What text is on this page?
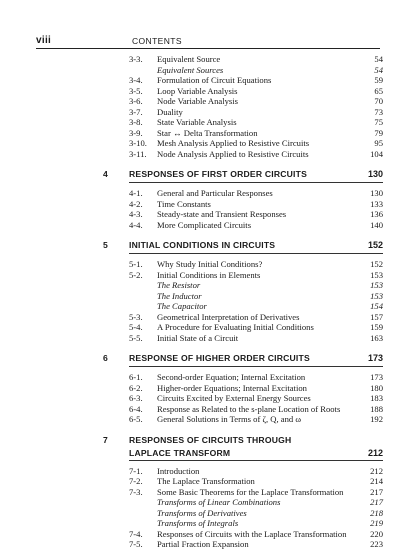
viii	CONTENTS
3-3. Equivalent Source	54
Equivalent Sources	54
3-4. Formulation of Circuit Equations	59
3-5. Loop Variable Analysis	65
3-6. Node Variable Analysis	70
3-7. Duality	73
3-8. State Variable Analysis	75
3-9. Star ↔ Delta Transformation	79
3-10. Mesh Analysis Applied to Resistive Circuits	95
3-11. Node Analysis Applied to Resistive Circuits	104
4 RESPONSES OF FIRST ORDER CIRCUITS	130
4-1. General and Particular Responses	130
4-2. Time Constants	133
4-3. Steady-state and Transient Responses	136
4-4. More Complicated Circuits	140
5 INITIAL CONDITIONS IN CIRCUITS	152
5-1. Why Study Initial Conditions?	152
5-2. Initial Conditions in Elements	153
The Resistor	153
The Inductor	153
The Capacitor	154
5-3. Geometrical Interpretation of Derivatives	157
5-4. A Procedure for Evaluating Initial Conditions	159
5-5. Initial State of a Circuit	163
6 RESPONSE OF HIGHER ORDER CIRCUITS	173
6-1. Second-order Equation; Internal Excitation	173
6-2. Higher-order Equations; Internal Excitation	180
6-3. Circuits Excited by External Energy Sources	183
6-4. Response as Related to the s-plane Location of Roots	188
6-5. General Solutions in Terms of ζ, Q, and ω	192
7 RESPONSES OF CIRCUITS THROUGH
LAPLACE TRANSFORM	212
7-1. Introduction	212
7-2. The Laplace Transformation	214
7-3. Some Basic Theorems for the Laplace Transformation	217
Transforms of Linear Combinations	217
Transforms of Derivatives	218
Transforms of Integrals	219
7-4. Responses of Circuits with the Laplace Transformation	220
7-5. Partial Fraction Expansion	223
